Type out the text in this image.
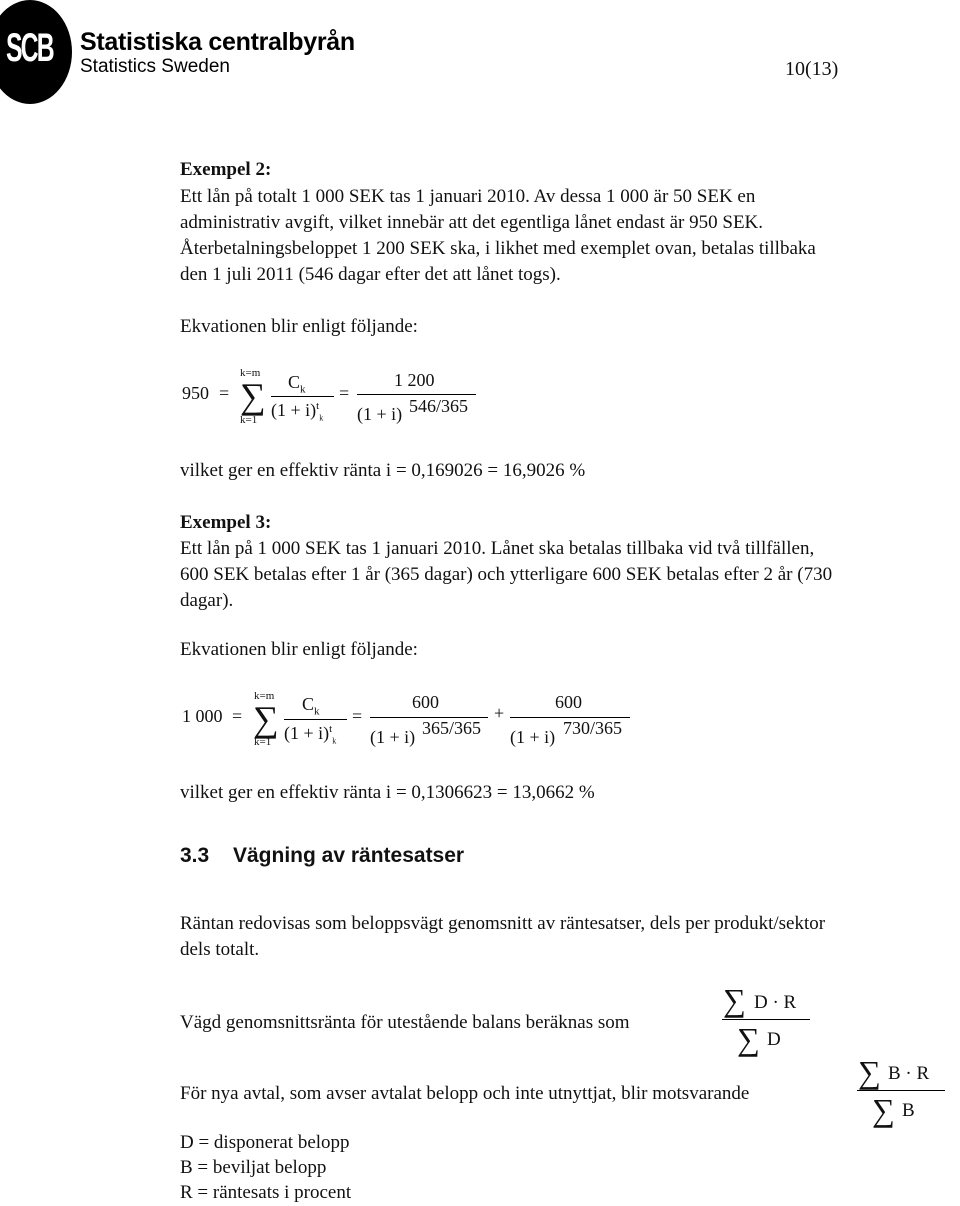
SCB Statistiska centralbyrån
Statistics Sweden	10(13)
Exempel 2:
Ett lån på totalt 1 000 SEK tas 1 januari 2010. Av dessa 1 000 är 50 SEK en
administrativ avgift, vilket innebär att det egentliga lånet endast är 950 SEK.
Återbetalningsbeloppet 1 200 SEK ska, i likhet med exemplet ovan, betalas tillbaka
den 1 juli 2011 (546 dagar efter det att lånet togs).
Ekvationen blir enligt följande:
950 =
k=m
∑
k=1
$C_k$
$(1 + i)^t_k$
=
1 200
(1 + i) 546/365
vilket ger en effektiv ränta i = 0,169026 = 16,9026 %
Exempel 3:
Ett lån på 1 000 SEK tas 1 januari 2010. Lånet ska betalas tillbaka vid två tillfällen,
600 SEK betalas efter 1 år (365 dagar) och ytterligare 600 SEK betalas efter 2 år (730
dagar).
Ekvationen blir enligt följande:
1 000 =
k=m
∑
k=1
$C_k$
$(1 + i)^t_k$
=
600
(1 + i) 365/365
+
600
(1 + i) 730/365
vilket ger en effektiv ränta i = 0,1306623 = 13,0662 %
3.3 Vägning av räntesatser
Räntan redovisas som beloppsvägt genomsnitt av räntesatser, dels per produkt/sektor
dels totalt.
Vägd genomsnittsränta för utestående balans beräknas som
∑ D · R
∑ D
För nya avtal, som avser avtalat belopp och inte utnyttjat, blir motsvarande
∑ B · R
∑ B
D = disponerat belopp
B = beviljat belopp
R = räntesats i procent
